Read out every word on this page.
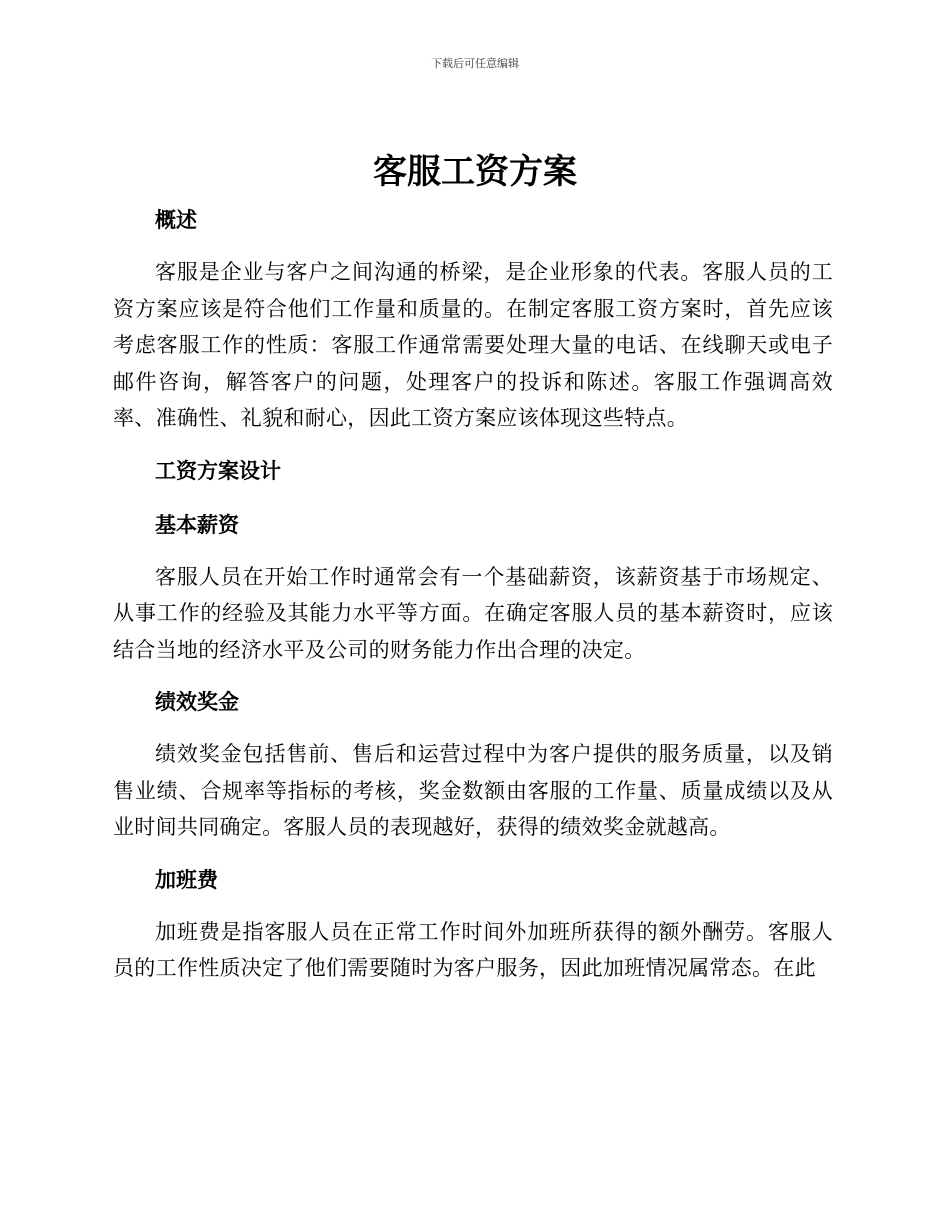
下载后可任意编辑
客服工资方案
概述

客服是企业与客户之间沟通的桥梁，是企业形象的代表。客服人员的工资方案应该是符合他们工作量和质量的。在制定客服工资方案时，首先应该考虑客服工作的性质：客服工作通常需要处理大量的电话、在线聊天或电子邮件咨询，解答客户的问题，处理客户的投诉和陈述。客服工作强调高效率、准确性、礼貌和耐心，因此工资方案应该体现这些特点。

工资方案设计
基本薪资

客服人员在开始工作时通常会有一个基础薪资，该薪资基于市场规定、从事工作的经验及其能力水平等方面。在确定客服人员的基本薪资时，应该结合当地的经济水平及公司的财务能力作出合理的决定。

绩效奖金

绩效奖金包括售前、售后和运营过程中为客户提供的服务质量，以及销售业绩、合规率等指标的考核，奖金数额由客服的工作量、质量成绩以及从业时间共同确定。客服人员的表现越好，获得的绩效奖金就越高。

加班费

加班费是指客服人员在正常工作时间外加班所获得的额外酬劳。客服人员的工作性质决定了他们需要随时为客户服务，因此加班情况属常态。在此
